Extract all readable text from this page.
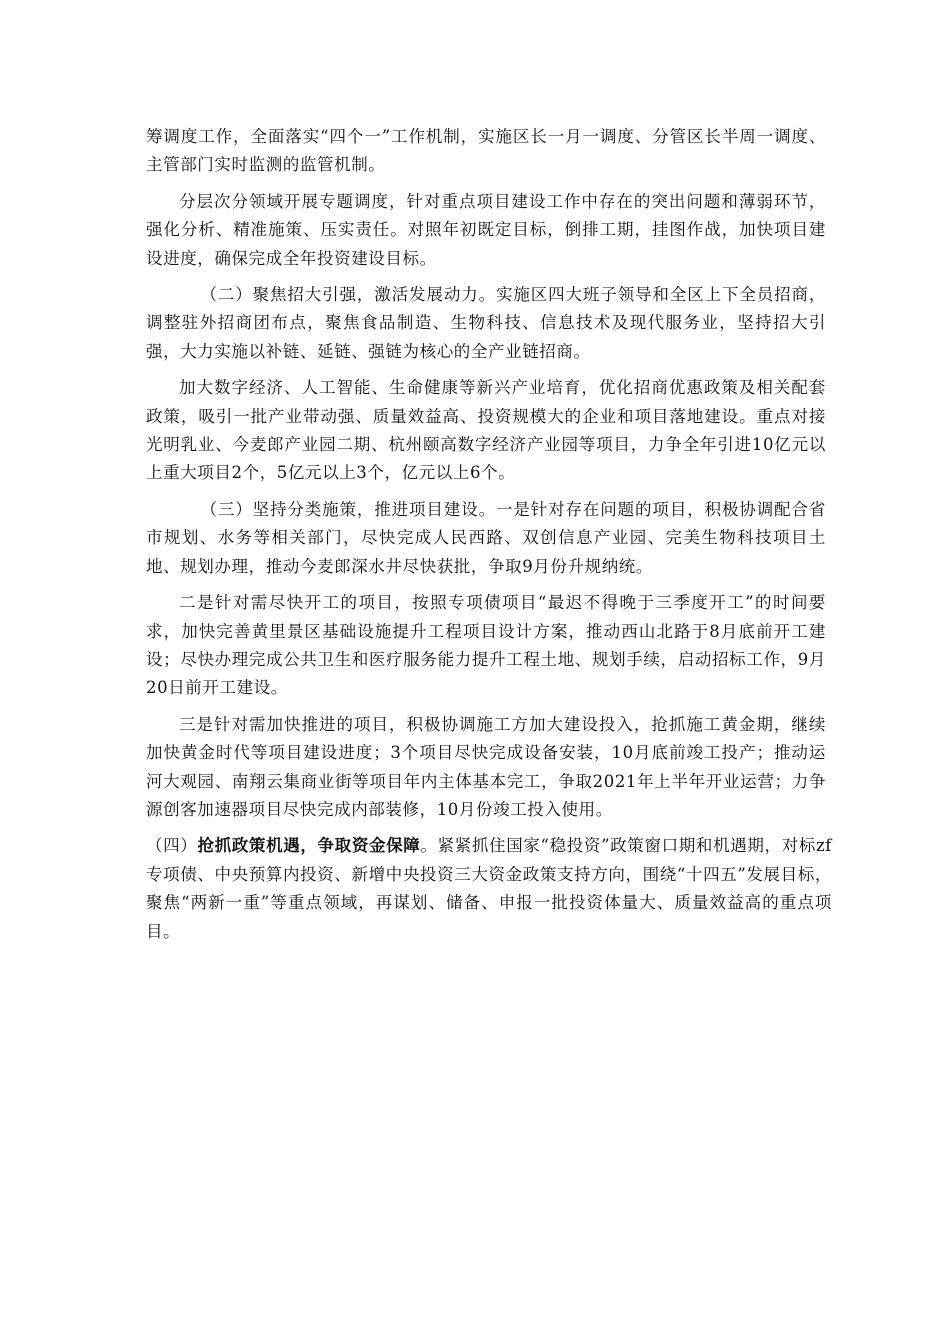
筹调度工作，全面落实“四个一”工作机制，实施区长一月一调度、分管区长半周一调度、主管部门实时监测的监管机制。

分层次分领域开展专题调度，针对重点项目建设工作中存在的突出问题和薄弱环节，强化分析、精准施策、压实责任。对照年初既定目标，倒排工期，挂图作战，加快项目建设进度，确保完成全年投资建设目标。

（二）聚焦招大引强，激活发展动力。实施区四大班子领导和全区上下全员招商，调整驻外招商团布点，聚焦食品制造、生物科技、信息技术及现代服务业，坚持招大引强，大力实施以补链、延链、强链为核心的全产业链招商。

加大数字经济、人工智能、生命健康等新兴产业培育，优化招商优惠政策及相关配套政策，吸引一批产业带动强、质量效益高、投资规模大的企业和项目落地建设。重点对接光明乳业、今麦郎产业园二期、杭州颐高数字经济产业园等项目，力争全年引进10亿元以上重大项目2个，5亿元以上3个，亿元以上6个。

（三）坚持分类施策，推进项目建设。一是针对存在问题的项目，积极协调配合省市规划、水务等相关部门，尽快完成人民西路、双创信息产业园、完美生物科技项目土地、规划办理，推动今麦郎深水井尽快获批，争取9月份升规纳统。

二是针对需尽快开工的项目，按照专项债项目“最迟不得晚于三季度开工”的时间要求，加快完善黄里景区基础设施提升工程项目设计方案，推动西山北路于8月底前开工建设；尽快办理完成公共卫生和医疗服务能力提升工程土地、规划手续，启动招标工作，9月20日前开工建设。

三是针对需加快推进的项目，积极协调施工方加大建设投入，抢抓施工黄金期，继续加快黄金时代等项目建设进度；3个项目尽快完成设备安装，10月底前竣工投产；推动运河大观园、南翔云集商业街等项目年内主体基本完工，争取2021年上半年开业运营；力争源创客加速器项目尽快完成内部装修，10月份竣工投入使用。

（四）抢抓政策机遇，争取资金保障。紧紧抓住国家“稳投资”政策窗口期和机遇期，对标zf专项债、中央预算内投资、新增中央投资三大资金政策支持方向，围绕“十四五”发展目标，聚焦“两新一重”等重点领域，再谋划、储备、申报一批投资体量大、质量效益高的重点项目。
